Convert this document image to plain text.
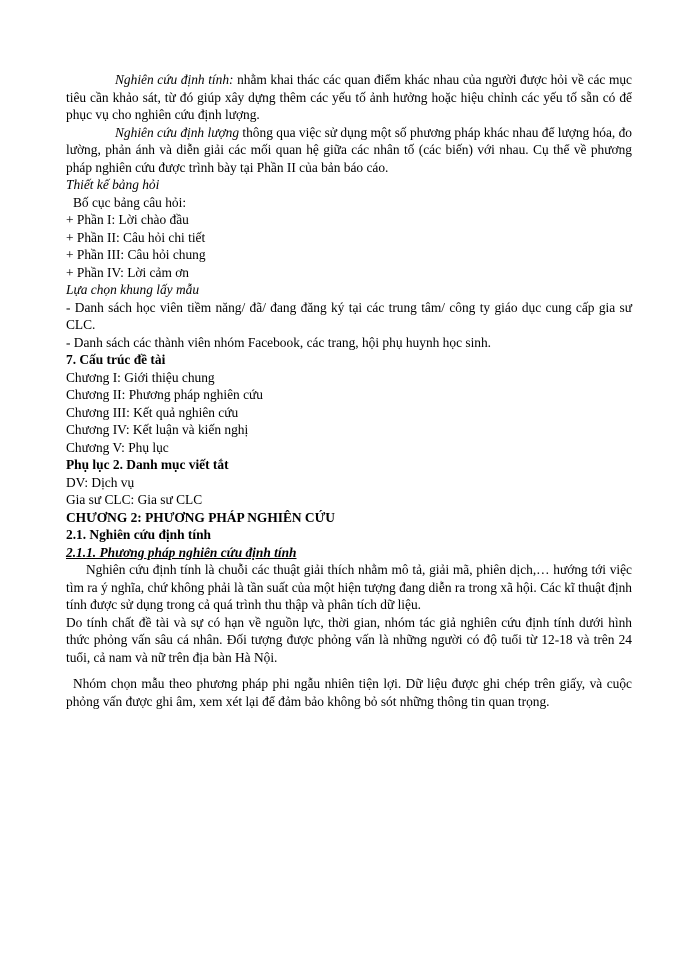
Nghiên cứu định tính: nhằm khai thác các quan điểm khác nhau của người được hỏi về các mục tiêu cần khảo sát, từ đó giúp xây dựng thêm các yếu tố ảnh hưởng hoặc hiệu chỉnh các yếu tố sẵn có để phục vụ cho nghiên cứu định lượng.

Nghiên cứu định lượng thông qua việc sử dụng một số phương pháp khác nhau để lượng hóa, đo lường, phản ánh và diễn giải các mối quan hệ giữa các nhân tố (các biến) với nhau. Cụ thể về phương pháp nghiên cứu được trình bày tại Phần II của bản báo cáo.

Thiết kế bảng hỏi

Bố cục bảng câu hỏi:

+ Phần I: Lời chào đầu

+ Phần II: Câu hỏi chi tiết

+ Phần III: Câu hỏi chung

+ Phần IV: Lời cảm ơn

Lựa chọn khung lấy mẫu

- Danh sách học viên tiềm năng/ đã/ đang đăng ký tại các trung tâm/ công ty giáo dục cung cấp gia sư CLC.

- Danh sách các thành viên nhóm Facebook, các trang, hội phụ huynh học sinh.

7. Cấu trúc đề tài

Chương I: Giới thiệu chung

Chương II: Phương pháp nghiên cứu

Chương III: Kết quả nghiên cứu

Chương IV: Kết luận và kiến nghị

Chương V: Phụ lục

Phụ lục 2. Danh mục viết tắt

DV: Dịch vụ

Gia sư CLC: Gia sư CLC

CHƯƠNG 2: PHƯƠNG PHÁP NGHIÊN CỨU

2.1. Nghiên cứu định tính

2.1.1. Phương pháp nghiên cứu định tính

Nghiên cứu định tính là chuỗi các thuật giải thích nhằm mô tả, giải mã, phiên dịch,… hướng tới việc tìm ra ý nghĩa, chứ không phải là tần suất của một hiện tượng đang diễn ra trong xã hội. Các kĩ thuật định tính được sử dụng trong cả quá trình thu thập và phân tích dữ liệu.

Do tính chất đề tài và sự có hạn về nguồn lực, thời gian, nhóm tác giả nghiên cứu định tính dưới hình thức phỏng vấn sâu cá nhân. Đối tượng được phỏng vấn là những người có độ tuổi từ 12-18 và trên 24 tuổi, cả nam và nữ trên địa bàn Hà Nội.

Nhóm chọn mẫu theo phương pháp phi ngẫu nhiên tiện lợi. Dữ liệu được ghi chép trên giấy, và cuộc phỏng vấn được ghi âm, xem xét lại để đảm bảo không bỏ sót những thông tin quan trọng.
